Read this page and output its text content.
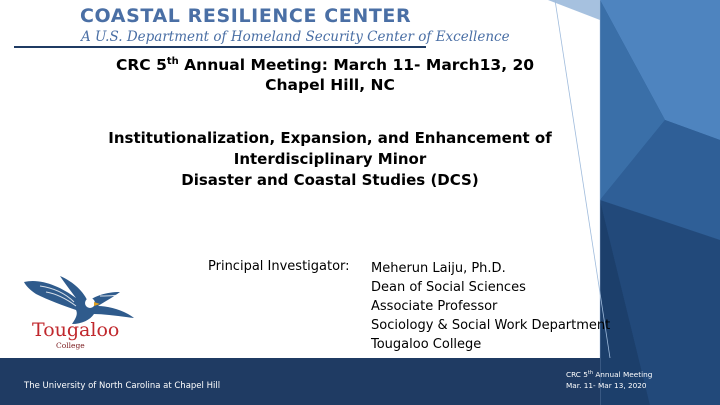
COASTAL RESILIENCE CENTER
A U.S. Department of Homeland Security Center of Excellence
CRC 5th Annual Meeting: March 11- March13, 20
Chapel Hill, NC
Institutionalization, Expansion, and Enhancement of
Interdisciplinary Minor
Disaster and Coastal Studies (DCS)
Principal Investigator: Meherun Laiju, Ph.D.
Dean of Social Sciences
Associate Professor
Sociology & Social Work Department
Tougaloo College
Tougaloo
College
The University of North Carolina at Chapel Hill
CRC 5th Annual Meeting
Mar. 11- Mar 13, 2020
